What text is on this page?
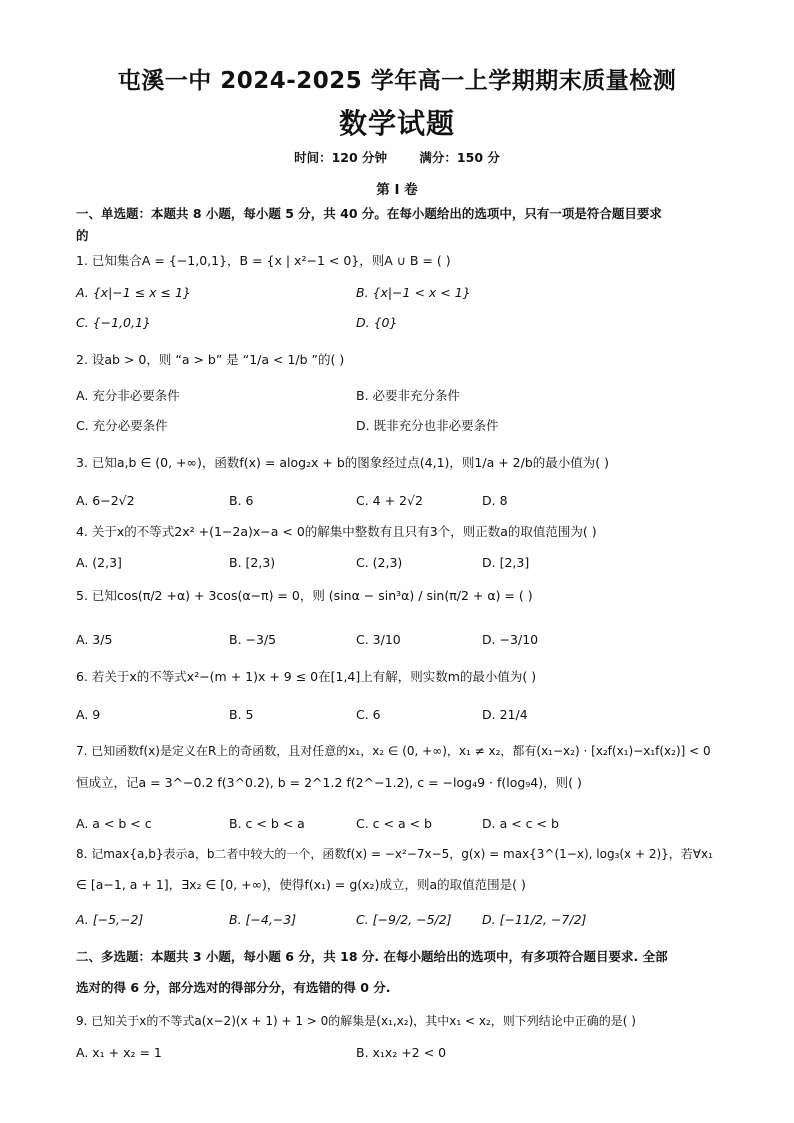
屯溪一中 2024-2025 学年高一上学期期末质量检测
数学试题
时间：120 分钟	满分：150 分
第 I 卷
一、单选题：本题共 8 小题，每小题 5 分，共 40 分。在每小题给出的选项中，只有一项是符合题目要求
的
1. 已知集合A = {−1,0,1}，B = {x | x²−1 < 0}，则A ∪ B = ( )
A. {x|−1 ≤ x ≤ 1}	B. {x|−1 < x < 1}
C. {−1,0,1}	D. {0}
2. 设ab > 0，则 “a > b” 是 “1/a < 1/b ”的( )
A. 充分非必要条件	B. 必要非充分条件
C. 充分必要条件	D. 既非充分也非必要条件
3. 已知a,b ∈ (0, +∞)，函数f(x) = alog₂x + b的图象经过点(4,1)，则1/a + 2/b的最小值为( )
A. 6−2√2	B. 6	C. 4 + 2√2	D. 8
4. 关于x的不等式2x² +(1−2a)x−a < 0的解集中整数有且只有3个，则正数a的取值范围为( )
A. (2,3]	B. [2,3)	C. (2,3)	D. [2,3]
5. 已知cos(π/2 +α) + 3cos(α−π) = 0，则 (sinα − sin³α) / sin(π/2 + α) = ( )
A. 3/5	B. −3/5	C. 3/10	D. −3/10
6. 若关于x的不等式x²−(m + 1)x + 9 ≤ 0在[1,4]上有解，则实数m的最小值为( )
A. 9	B. 5	C. 6	D. 21/4
7. 已知函数f(x)是定义在R上的奇函数，且对任意的x₁，x₂ ∈ (0, +∞)，x₁ ≠ x₂，都有(x₁−x₂) · [x₂f(x₁)−x₁f(x₂)] < 0
恒成立，记a = 3^−0.2 f(3^0.2), b = 2^1.2 f(2^−1.2), c = −log₄9 · f(log₉4)，则( )
A. a < b < c	B. c < b < a	C. c < a < b	D. a < c < b
8. 记max{a,b}表示a，b二者中较大的一个，函数f(x) = −x²−7x−5，g(x) = max{3^(1−x), log₃(x + 2)}，若∀x₁
∈ [a−1, a + 1]，∃x₂ ∈ [0, +∞)，使得f(x₁) = g(x₂)成立，则a的取值范围是( )
A. [−5,−2]	B. [−4,−3]	C. [−9/2, −5/2] D. [−11/2, −7/2]
二、多选题：本题共 3 小题，每小题 6 分，共 18 分. 在每小题给出的选项中，有多项符合题目要求. 全部
选对的得 6 分，部分选对的得部分分，有选错的得 0 分.
9. 已知关于x的不等式a(x−2)(x + 1) + 1 > 0的解集是(x₁,x₂)，其中x₁ < x₂，则下列结论中正确的是( )
A. x₁ + x₂ = 1	B. x₁x₂ +2 < 0
